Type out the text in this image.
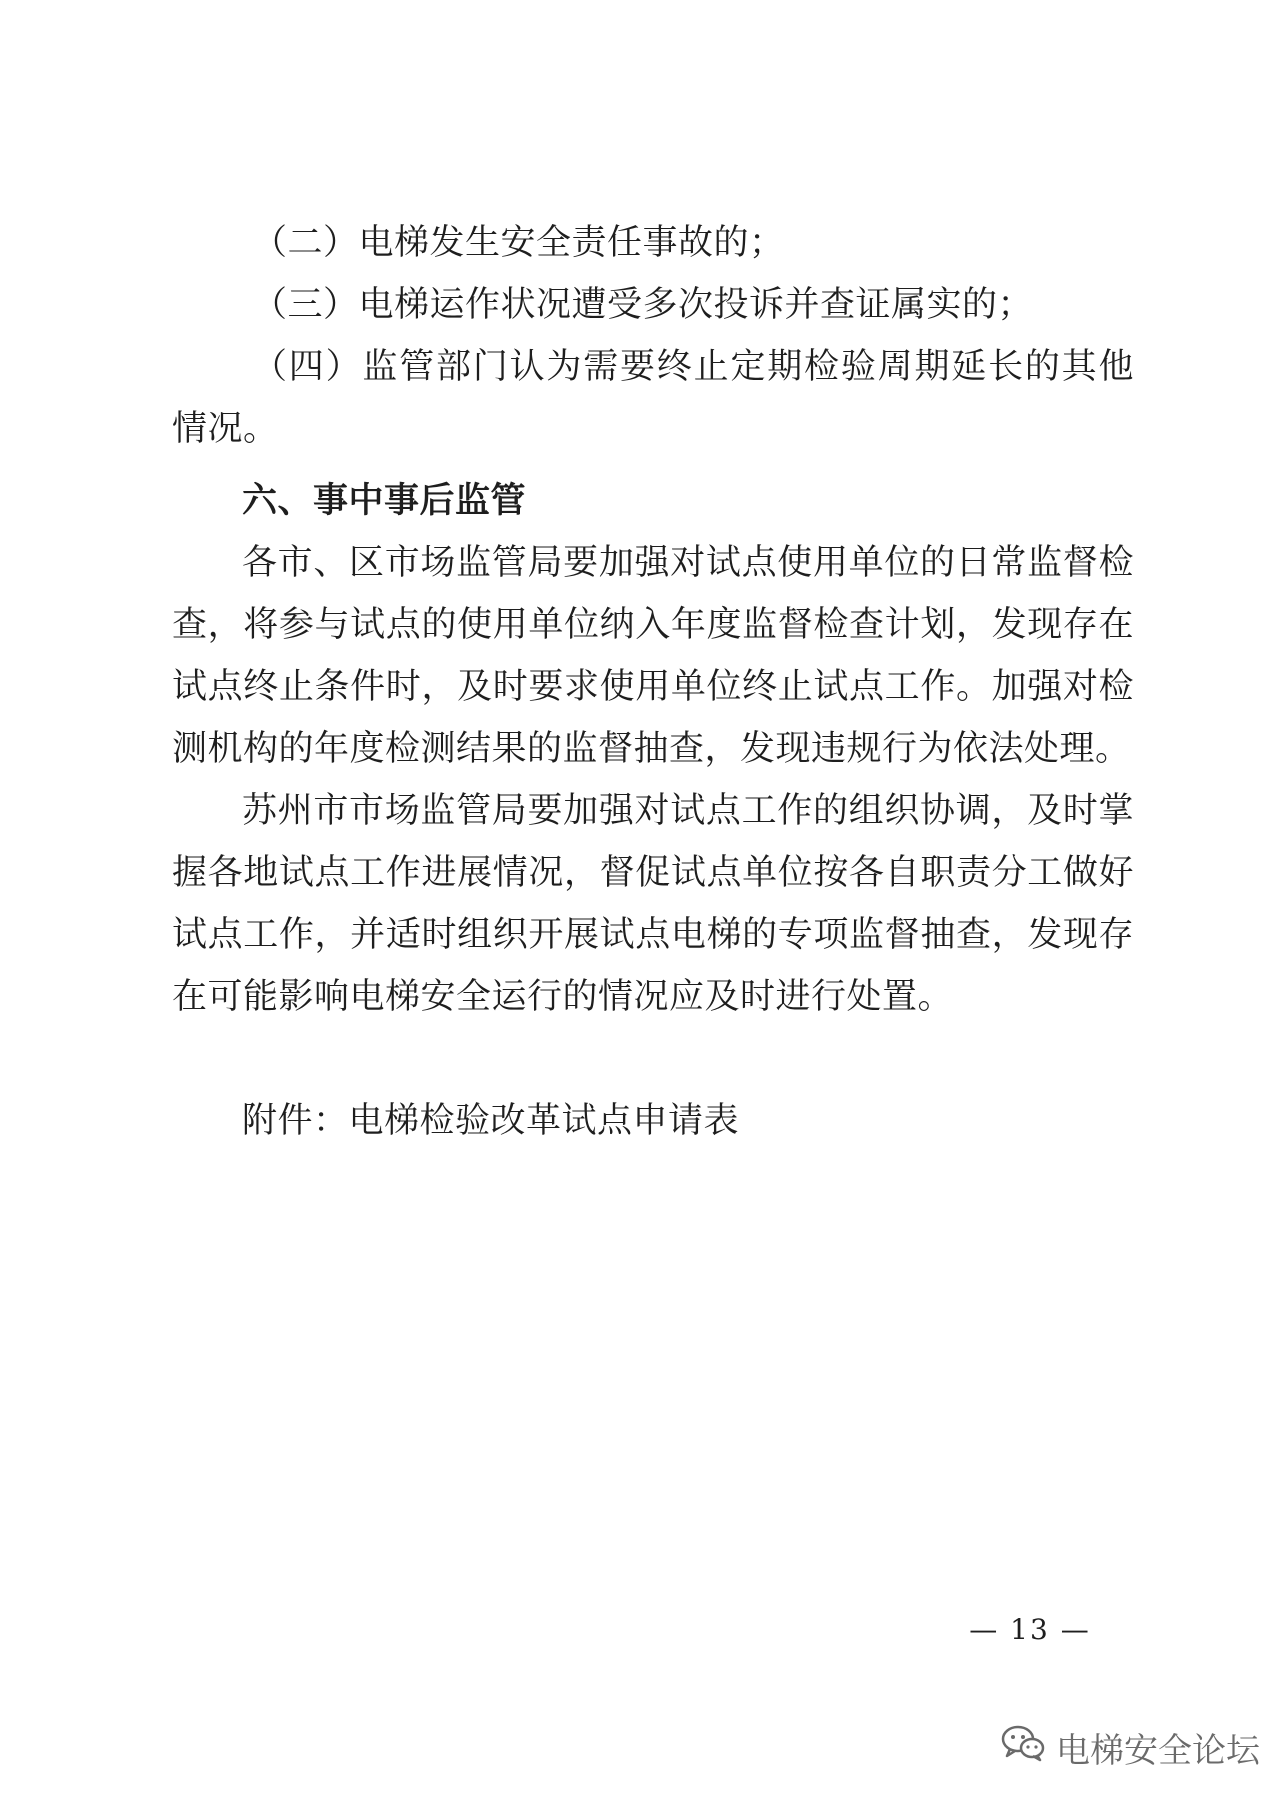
（二）电梯发生安全责任事故的；

（三）电梯运作状况遭受多次投诉并查证属实的；

（四）监管部门认为需要终止定期检验周期延长的其他情况。

六、事中事后监管

各市、区市场监管局要加强对试点使用单位的日常监督检查，将参与试点的使用单位纳入年度监督检查计划，发现存在试点终止条件时，及时要求使用单位终止试点工作。加强对检测机构的年度检测结果的监督抽查，发现违规行为依法处理。

苏州市市场监管局要加强对试点工作的组织协调，及时掌握各地试点工作进展情况，督促试点单位按各自职责分工做好试点工作，并适时组织开展试点电梯的专项监督抽查，发现存在可能影响电梯安全运行的情况应及时进行处置。

附件：电梯检验改革试点申请表

— 13 —
电梯安全论坛
